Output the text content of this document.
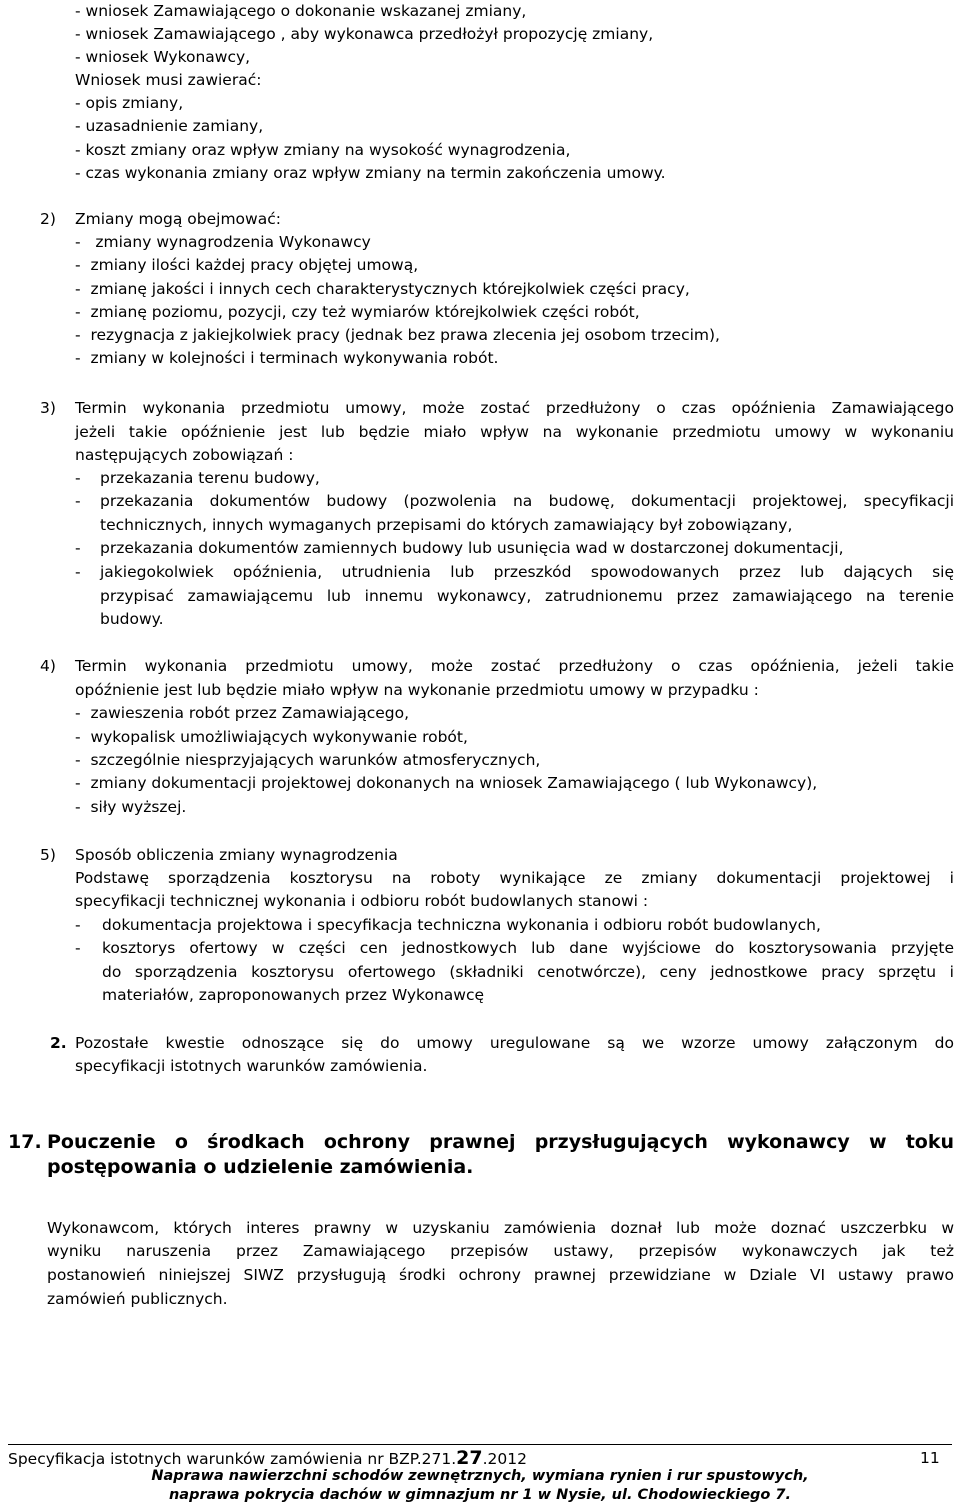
- wniosek Zamawiającego o dokonanie wskazanej zmiany,
- wniosek Zamawiającego , aby wykonawca przedłożył propozycję zmiany,
- wniosek Wykonawcy,
Wniosek musi zawierać:
- opis zmiany,
- uzasadnienie zamiany,
- koszt zmiany oraz wpływ zmiany na wysokość wynagrodzenia,
- czas wykonania zmiany oraz wpływ zmiany na termin zakończenia umowy.
2) Zmiany mogą obejmować:
-   zmiany wynagrodzenia Wykonawcy
-  zmiany ilości każdej pracy objętej umową,
-  zmianę jakości i innych cech charakterystycznych którejkolwiek części pracy,
-  zmianę poziomu, pozycji, czy też wymiarów którejkolwiek części robót,
-  rezygnacja z jakiejkolwiek pracy (jednak bez prawa zlecenia jej osobom trzecim),
-  zmiany w kolejności i terminach wykonywania robót.
3) Termin wykonania przedmiotu umowy, może zostać przedłużony o czas opóźnienia Zamawiającego
jeżeli takie opóźnienie jest lub będzie miało wpływ na wykonanie przedmiotu umowy w wykonaniu
następujących zobowiązań :
- przekazania terenu budowy,
- przekazania dokumentów budowy (pozwolenia na budowę, dokumentacji projektowej, specyfikacji
technicznych, innych wymaganych przepisami do których zamawiający był zobowiązany,
- przekazania dokumentów zamiennych budowy lub usunięcia wad w dostarczonej dokumentacji,
- jakiegokolwiek opóźnienia, utrudnienia lub przeszkód spowodowanych przez lub dających się
przypisać zamawiającemu lub innemu wykonawcy, zatrudnionemu przez zamawiającego na terenie
budowy.
4) Termin wykonania przedmiotu umowy, może zostać przedłużony o czas opóźnienia, jeżeli takie
opóźnienie jest lub będzie miało wpływ na wykonanie przedmiotu umowy w przypadku :
-  zawieszenia robót przez Zamawiającego,
-  wykopalisk umożliwiających wykonywanie robót,
-  szczególnie niesprzyjających warunków atmosferycznych,
-  zmiany dokumentacji projektowej dokonanych na wniosek Zamawiającego ( lub Wykonawcy),
-  siły wyższej.
5) Sposób obliczenia zmiany wynagrodzenia
Podstawę sporządzenia kosztorysu na roboty wynikające ze zmiany dokumentacji projektowej i
specyfikacji technicznej wykonania i odbioru robót budowlanych stanowi :
- dokumentacja projektowa i specyfikacja techniczna wykonania i odbioru robót budowlanych,
- kosztorys ofertowy w części cen jednostkowych lub dane wyjściowe do kosztorysowania przyjęte
do sporządzenia kosztorysu ofertowego (składniki cenotwórcze), ceny jednostkowe pracy sprzętu i
materiałów, zaproponowanych przez Wykonawcę
2. Pozostałe kwestie odnoszące się do umowy uregulowane są we wzorze umowy załączonym do
specyfikacji istotnych warunków zamówienia.
17. Pouczenie o środkach ochrony prawnej przysługujących wykonawcy w toku
postępowania o udzielenie zamówienia.
Wykonawcom, których interes prawny w uzyskaniu zamówienia doznał lub może doznać uszczerbku w
wyniku naruszenia przez Zamawiającego przepisów ustawy, przepisów wykonawczych jak też
postanowień niniejszej SIWZ przysługują środki ochrony prawnej przewidziane w Dziale VI ustawy prawo
zamówień publicznych.
Specyfikacja istotnych warunków zamówienia nr BZP.271.27.2012	11
Naprawa nawierzchni schodów zewnętrznych, wymiana rynien i rur spustowych,
naprawa pokrycia dachów w gimnazjum nr 1 w Nysie, ul. Chodowieckiego 7.
